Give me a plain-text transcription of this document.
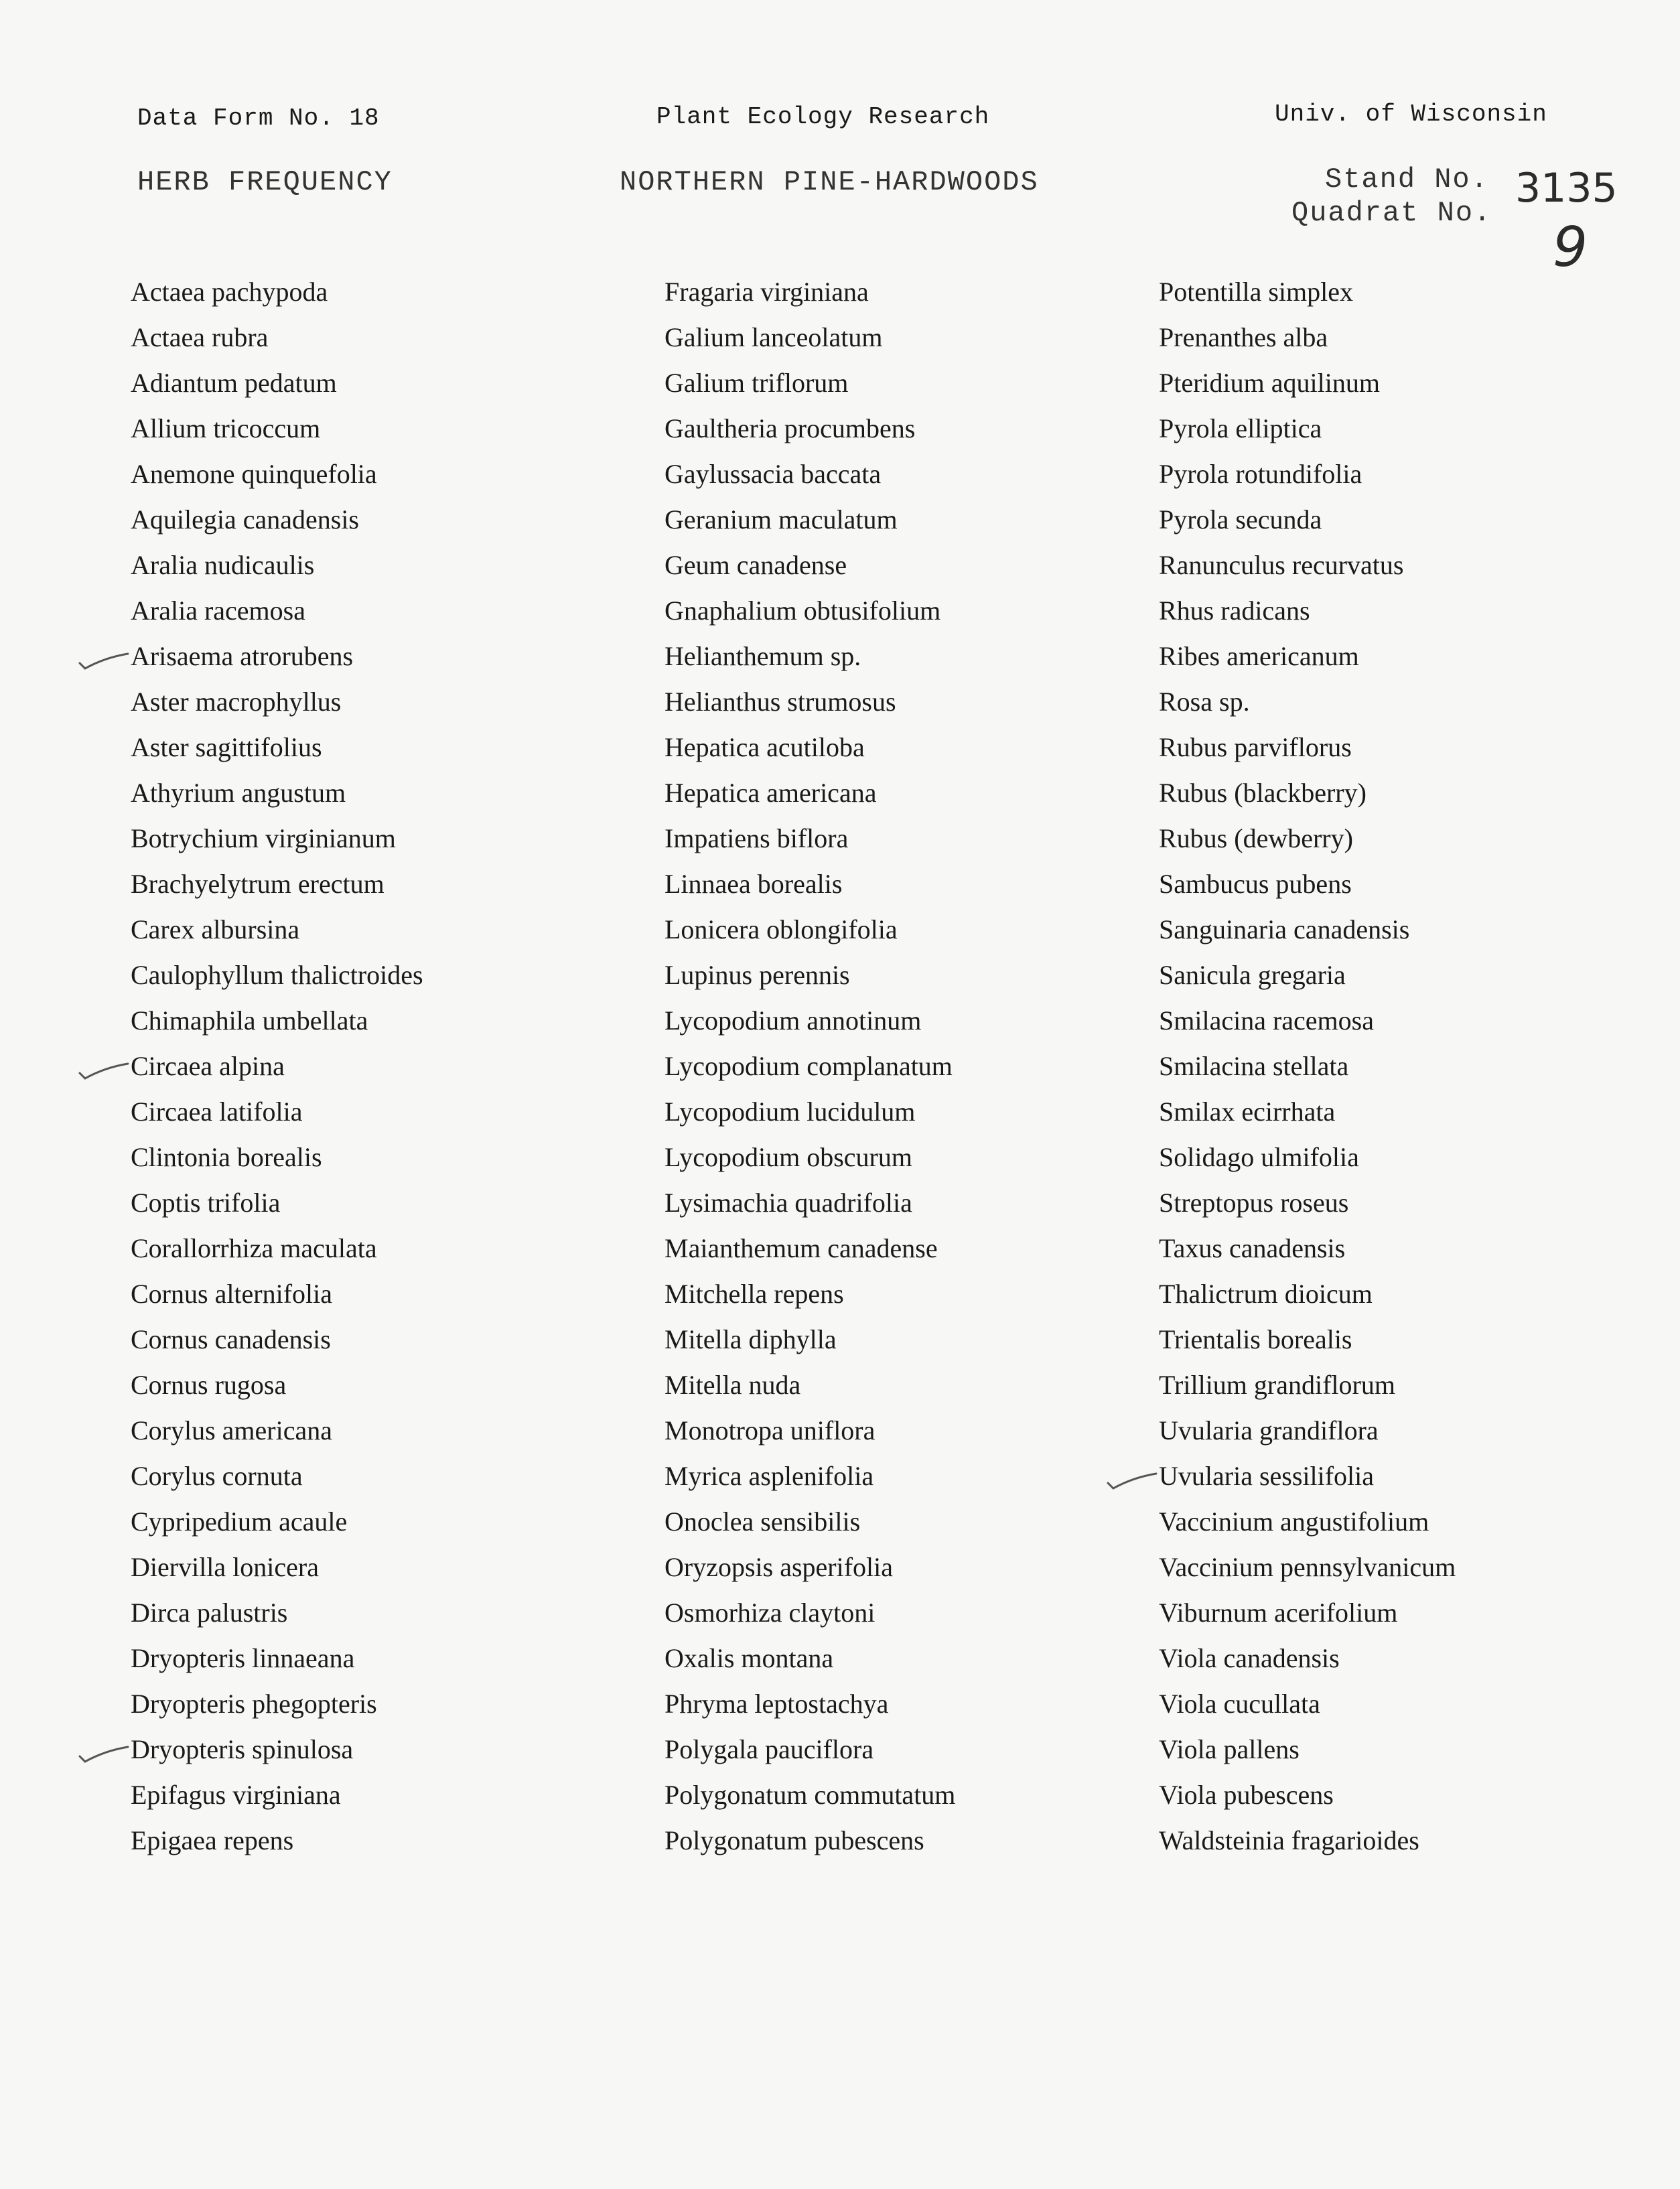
Data Form No. 18	Plant Ecology Research	Univ. of Wisconsin
HERB FREQUENCY	NORTHERN PINE-HARDWOODS	Stand No.
Quadrat No.
3135
9
Actaea pachypoda
Actaea rubra
Adiantum pedatum
Allium tricoccum
Anemone quinquefolia
Aquilegia canadensis
Aralia nudicaulis
Aralia racemosa
Arisaema atrorubens
Aster macrophyllus
Aster sagittifolius
Athyrium angustum
Botrychium virginianum
Brachyelytrum erectum
Carex albursina
Caulophyllum thalictroides
Chimaphila umbellata
Circaea alpina
Circaea latifolia
Clintonia borealis
Coptis trifolia
Corallorrhiza maculata
Cornus alternifolia
Cornus canadensis
Cornus rugosa
Corylus americana
Corylus cornuta
Cypripedium acaule
Diervilla lonicera
Dirca palustris
Dryopteris linnaeana
Dryopteris phegopteris
Dryopteris spinulosa
Epifagus virginiana
Epigaea repens
Fragaria virginiana
Galium lanceolatum
Galium triflorum
Gaultheria procumbens
Gaylussacia baccata
Geranium maculatum
Geum canadense
Gnaphalium obtusifolium
Helianthemum sp.
Helianthus strumosus
Hepatica acutiloba
Hepatica americana
Impatiens biflora
Linnaea borealis
Lonicera oblongifolia
Lupinus perennis
Lycopodium annotinum
Lycopodium complanatum
Lycopodium lucidulum
Lycopodium obscurum
Lysimachia quadrifolia
Maianthemum canadense
Mitchella repens
Mitella diphylla
Mitella nuda
Monotropa uniflora
Myrica asplenifolia
Onoclea sensibilis
Oryzopsis asperifolia
Osmorhiza claytoni
Oxalis montana
Phryma leptostachya
Polygala pauciflora
Polygonatum commutatum
Polygonatum pubescens
Potentilla simplex
Prenanthes alba
Pteridium aquilinum
Pyrola elliptica
Pyrola rotundifolia
Pyrola secunda
Ranunculus recurvatus
Rhus radicans
Ribes americanum
Rosa sp.
Rubus parviflorus
Rubus (blackberry)
Rubus (dewberry)
Sambucus pubens
Sanguinaria canadensis
Sanicula gregaria
Smilacina racemosa
Smilacina stellata
Smilax ecirrhata
Solidago ulmifolia
Streptopus roseus
Taxus canadensis
Thalictrum dioicum
Trientalis borealis
Trillium grandiflorum
Uvularia grandiflora
Uvularia sessilifolia
Vaccinium angustifolium
Vaccinium pennsylvanicum
Viburnum acerifolium
Viola canadensis
Viola cucullata
Viola pallens
Viola pubescens
Waldsteinia fragarioides
